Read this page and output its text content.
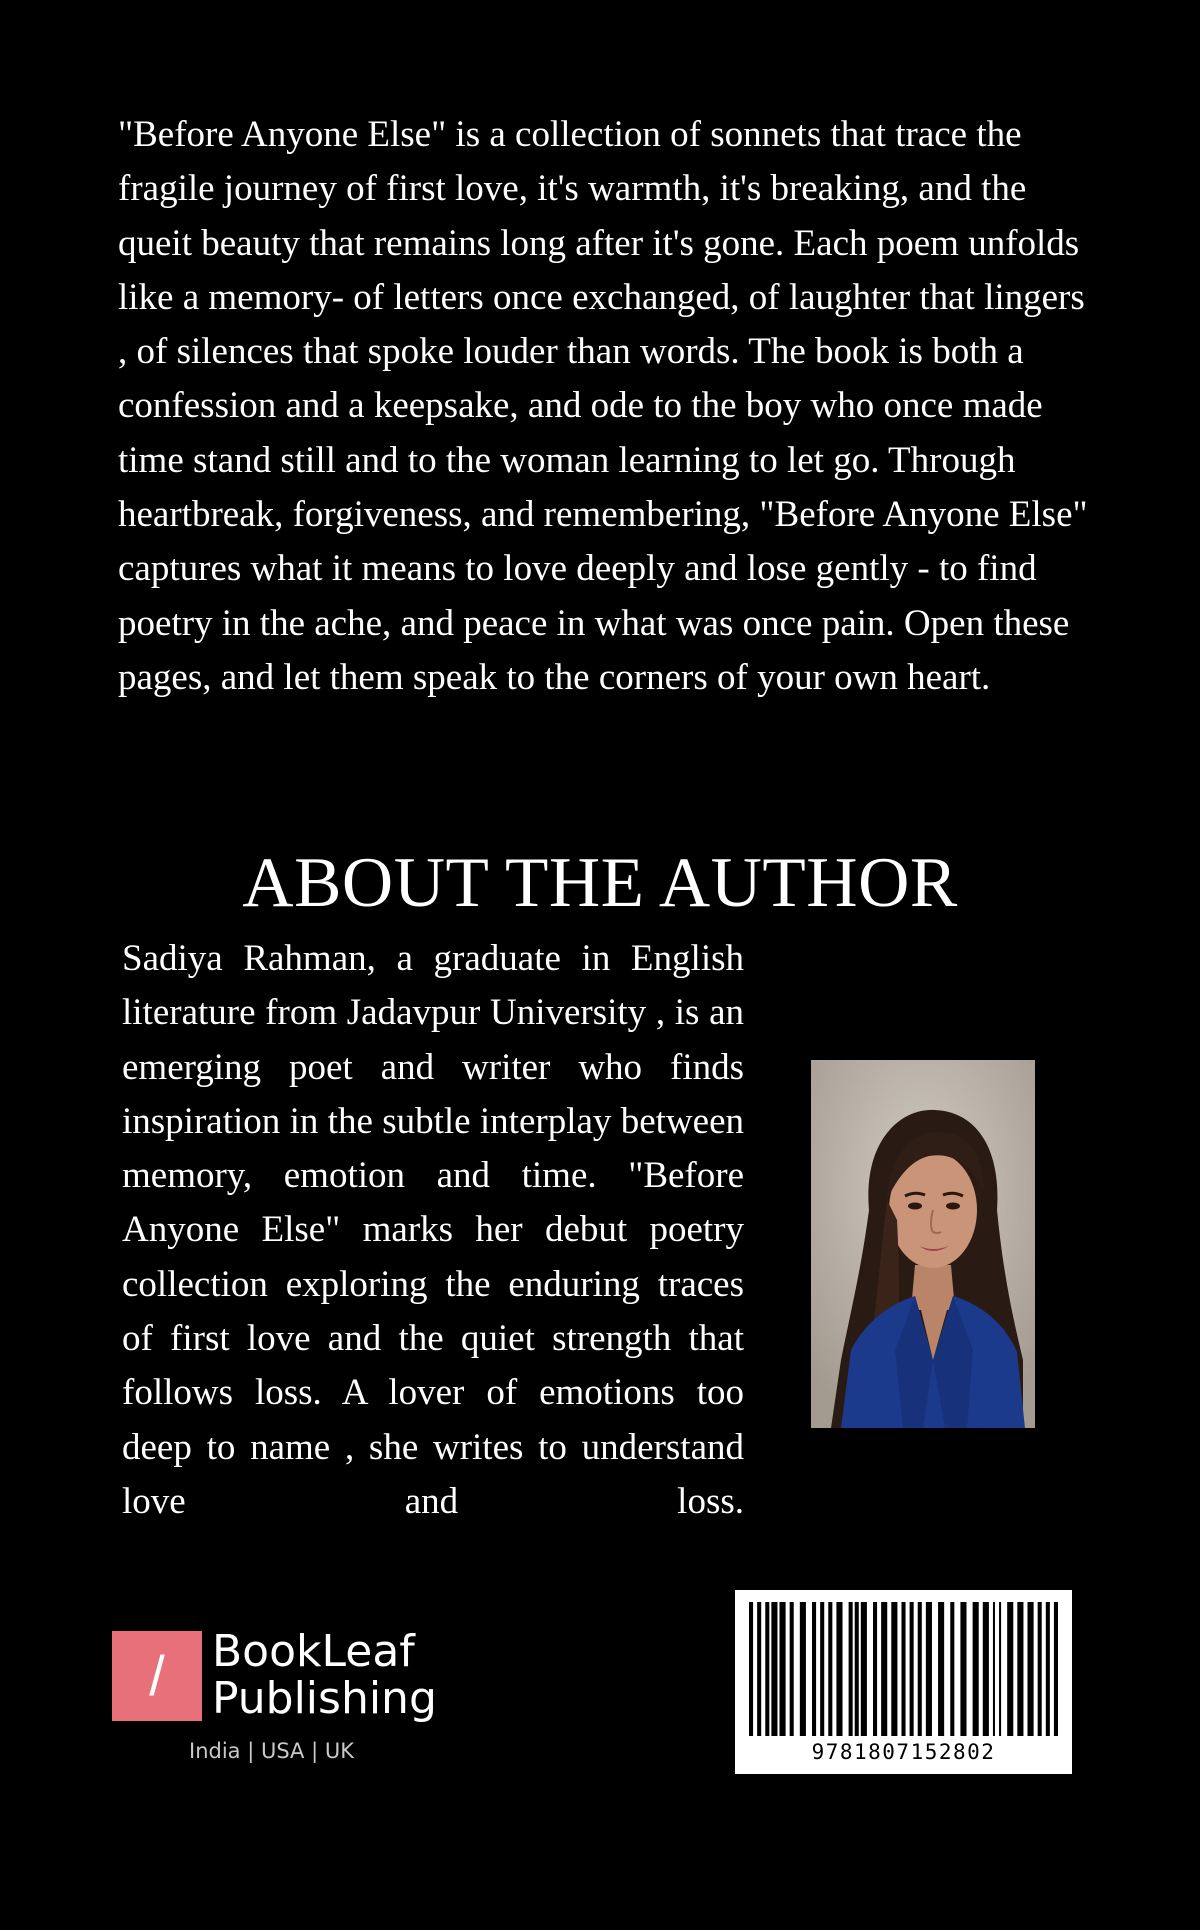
"Before Anyone Else" is a collection of sonnets that trace the fragile journey of first love, it's warmth, it's breaking, and the queit beauty that remains long after it's gone. Each poem unfolds like a memory- of letters once exchanged, of laughter that lingers , of silences that spoke louder than words. The book is both a confession and a keepsake, and ode to the boy who once made time stand still and to the woman learning to let go. Through heartbreak, forgiveness, and remembering, "Before Anyone Else" captures what it means to love deeply and lose gently - to find poetry in the ache, and peace in what was once pain. Open these pages, and let them speak to the corners of your own heart.

ABOUT THE AUTHOR

Sadiya Rahman, a graduate in English literature from Jadavpur University , is an emerging poet and writer who finds inspiration in the subtle interplay between memory, emotion and time. "Before Anyone Else" marks her debut poetry collection exploring the enduring traces of first love and the quiet strength that follows loss. A lover of emotions too deep to name , she writes to understand love and loss.

/	BookLeaf
Publishing
India | USA | UK	9781807152802
